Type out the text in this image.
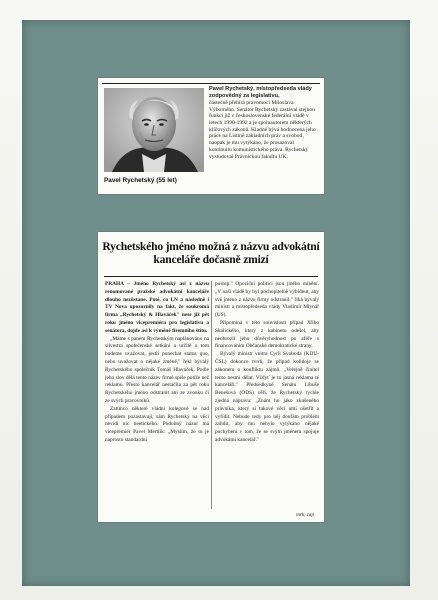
Pavel Rychetský (55 let)
Pavel Rychetský, místopředseda vlády zodpovědný za legislativu,
částečně přebírá pravomoci Miloslava Výborného. Senátor Rychetský zastával stejnou funkci již v československé federální vládě v letech 1990-1992 a je spoluautorem některých klíčových zákonů. Kladně bývá hodnocena jeho práce na Listině základních práv a svobod, naopak je mu vytýkáno, že prosazoval kontinuitu komunistického práva. Rychetský vystudoval Právnickou fakultu UK.
Rychetského jméno možná z názvu advokátní kanceláře dočasně zmizí

PRAHA – Jméno Rychetský asi z názvu renomované pražské advokátní kanceláře dlouho nezůstane. Poté, co LN a následně i TV Nova upozornily na fakt, že soukromá firma „Rychetský & Hlaváček" nese již pět roku jméno vicepremiéra pro legislativu a senátora, dojde asi k výměně firemního štítu.

„Máme s panem Rychetským naplánováno na silvestra společenské setkání a určitě o tom budeme uvažovat, jestli ponechat status quo, nebo uvažovat o nějaké změně," řekl bývalý Rychetského společník Tomáš Hlaváček. Podle jeho slov dělá tento název firmě spíše potíže než reklamu. Přesto kancelář nestačila za pět roku Rychetského jméno odstranit ani ze zvonku či ze svých pracovníků.

Zatímco některé vládní kolegové se nad případem pozastavují, sám Rychetský na věci nevidí nic neetického. Podobný názor má vicepremiér Pavel Mertlík: „Myslím, že to je naprosto standardní

postup." Opoziční politici jsou jiného mínění. „V naší vládě by byl pochopitelně vybídnut, aby své jméno z názvu firmy odstranil," říká bývalý ministr a místopředseda vlády Vladimír Mlynář (US).

Připomíná v této souvislosti případ Jiřího Skalického, který z kabinetu odešel, aby neohrozil jeho důvěryhodnost po aféře s financováním Občanské demokratické strany.

Bývalý ministr vnitra Cyril Svoboda (KDU-ČSL) dokonce tvrdí, že případ kolidoje se zákonem o konfliktu zájmů. „Veřejně činitel tento nesmí dělat. Vždyť je to jasná reklama té kanceláři." Předsedkyně Senátu Libuše Benešová (ODS) věří, že Rychetský rychle zjedná nápravu: „Znám ho jako zkušeného právníka, který si takové věci umí ošetřit a vyřídit. Nebude tedy pro něj doufám problém zalidit, aby mu nebylo vytýkáno nějaké pochybení v tom, že se svým jménem spojuje advokátní kancelář."

mrk, zap
